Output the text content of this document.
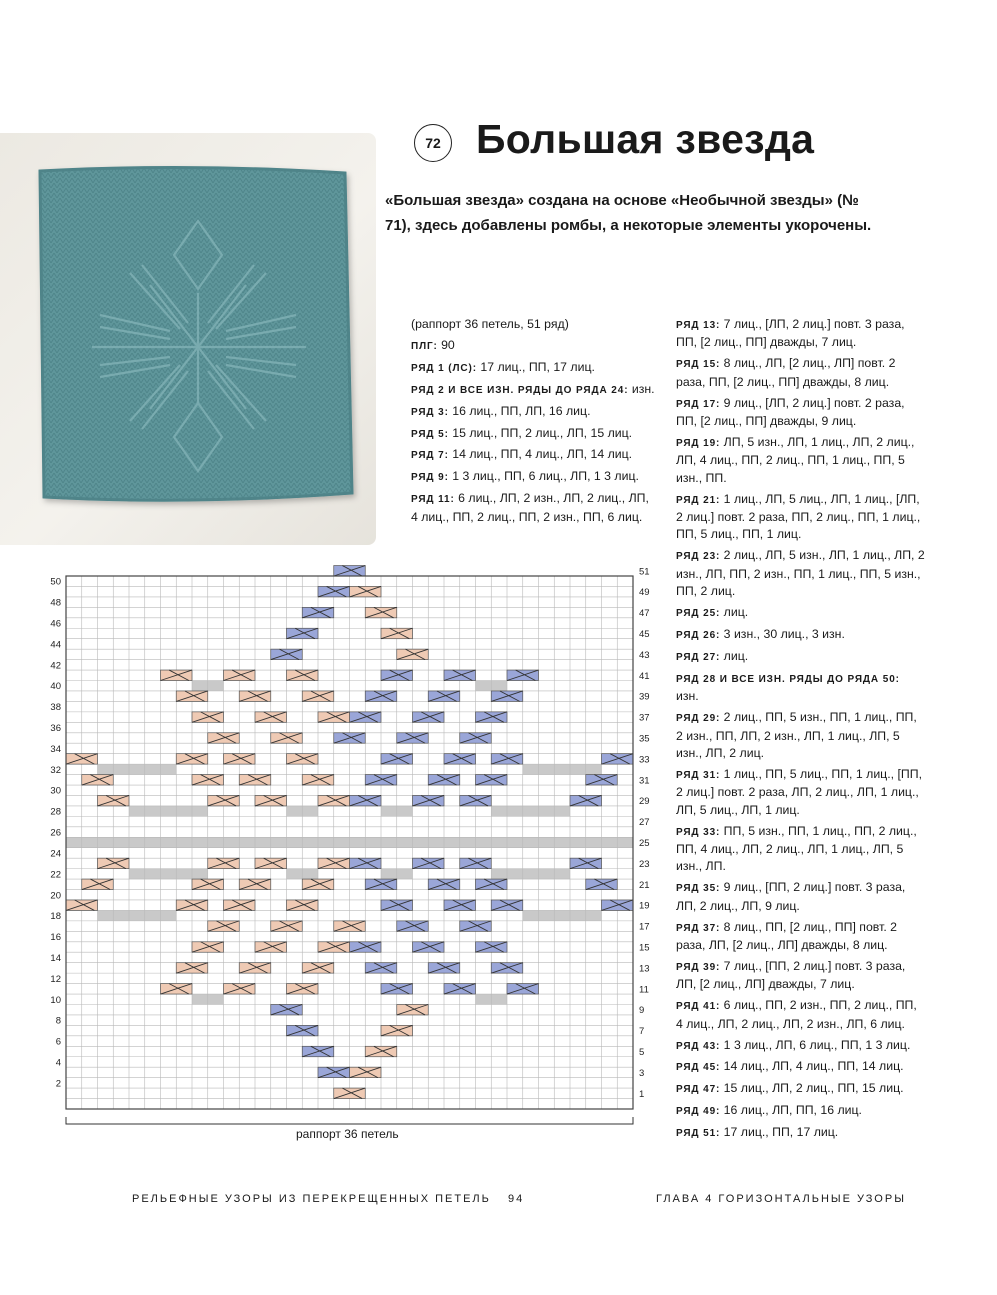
72 Большая звезда
«Большая звезда» создана на основе «Необычной звезды» (№ 71), здесь добавлены ромбы, а некоторые элементы укорочены.

(раппорт 36 петель, 51 ряд)

ПЛГ: 90

РЯД 1 (ЛС): 17 лиц., ПП, 17 лиц.

РЯД 2 И ВСЕ ИЗН. РЯДЫ ДО РЯДА 24: изн.

РЯД 3: 16 лиц., ПП, ЛП, 16 лиц.

РЯД 5: 15 лиц., ПП, 2 лиц., ЛП, 15 лиц.

РЯД 7: 14 лиц., ПП, 4 лиц., ЛП, 14 лиц.

РЯД 9: 1 3 лиц., ПП, 6 лиц., ЛП, 1 3 лиц.

РЯД 11: 6 лиц., ЛП, 2 изн., ЛП, 2 лиц., ЛП, 4 лиц., ПП, 2 лиц., ПП, 2 изн., ПП, 6 лиц.

РЯД 13: 7 лиц., [ЛП, 2 лиц.] повт. 3 раза, ПП, [2 лиц., ПП] дважды, 7 лиц.

РЯД 15: 8 лиц., ЛП, [2 лиц., ЛП] повт. 2 раза, ПП, [2 лиц., ПП] дважды, 8 лиц.

РЯД 17: 9 лиц., [ЛП, 2 лиц.] повт. 2 раза, ПП, [2 лиц., ПП] дважды, 9 лиц.

РЯД 19: ЛП, 5 изн., ЛП, 1 лиц., ЛП, 2 лиц., ЛП, 4 лиц., ПП, 2 лиц., ПП, 1 лиц., ПП, 5 изн., ПП.

РЯД 21: 1 лиц., ЛП, 5 лиц., ЛП, 1 лиц., [ЛП, 2 лиц.] повт. 2 раза, ПП, 2 лиц., ПП, 1 лиц., ПП, 5 лиц., ПП, 1 лиц.

РЯД 23: 2 лиц., ЛП, 5 изн., ЛП, 1 лиц., ЛП, 2 изн., ЛП, ПП, 2 изн., ПП, 1 лиц., ПП, 5 изн., ПП, 2 лиц.

РЯД 25: лиц.

РЯД 26: 3 изн., 30 лиц., 3 изн.

РЯД 27: лиц.

РЯД 28 И ВСЕ ИЗН. РЯДЫ ДО РЯДА 50: изн.

РЯД 29: 2 лиц., ПП, 5 изн., ПП, 1 лиц., ПП, 2 изн., ПП, ЛП, 2 изн., ЛП, 1 лиц., ЛП, 5 изн., ЛП, 2 лиц.

РЯД 31: 1 лиц., ПП, 5 лиц., ПП, 1 лиц., [ПП, 2 лиц.] повт. 2 раза, ЛП, 2 лиц., ЛП, 1 лиц., ЛП, 5 лиц., ЛП, 1 лиц.

РЯД 33: ПП, 5 изн., ПП, 1 лиц., ПП, 2 лиц., ПП, 4 лиц., ЛП, 2 лиц., ЛП, 1 лиц., ЛП, 5 изн., ЛП.

РЯД 35: 9 лиц., [ПП, 2 лиц.] повт. 3 раза, ЛП, 2 лиц., ЛП, 9 лиц.

РЯД 37: 8 лиц., ПП, [2 лиц., ПП] повт. 2 раза, ЛП, [2 лиц., ЛП] дважды, 8 лиц.

РЯД 39: 7 лиц., [ПП, 2 лиц.] повт. 3 раза, ЛП, [2 лиц., ЛП] дважды, 7 лиц.

РЯД 41: 6 лиц., ПП, 2 изн., ПП, 2 лиц., ПП, 4 лиц., ЛП, 2 лиц., ЛП, 2 изн., ЛП, 6 лиц.

РЯД 43: 1 3 лиц., ЛП, 6 лиц., ПП, 1 3 лиц.

РЯД 45: 14 лиц., ЛП, 4 лиц., ПП, 14 лиц.

РЯД 47: 15 лиц., ЛП, 2 лиц., ПП, 15 лиц.

РЯД 49: 16 лиц., ЛП, ПП, 16 лиц.

РЯД 51: 17 лиц., ПП, 17 лиц.

2
4
6
8
10
12
14
16
18
20
22
24
26
28
30
32
34
36
38
40
42
44
46
48
50
1
3
5
7
9
11
13
15
17
19
21
23
25
27
29
31
33
35
37
39
41
43
45
47
49
51
раппорт 36 петель
РЕЛЬЕФНЫЕ УЗОРЫ ИЗ ПЕРЕКРЕЩЕННЫХ ПЕТЕЛЬ 94	ГЛАВА 4 ГОРИЗОНТАЛЬНЫЕ УЗОРЫ
